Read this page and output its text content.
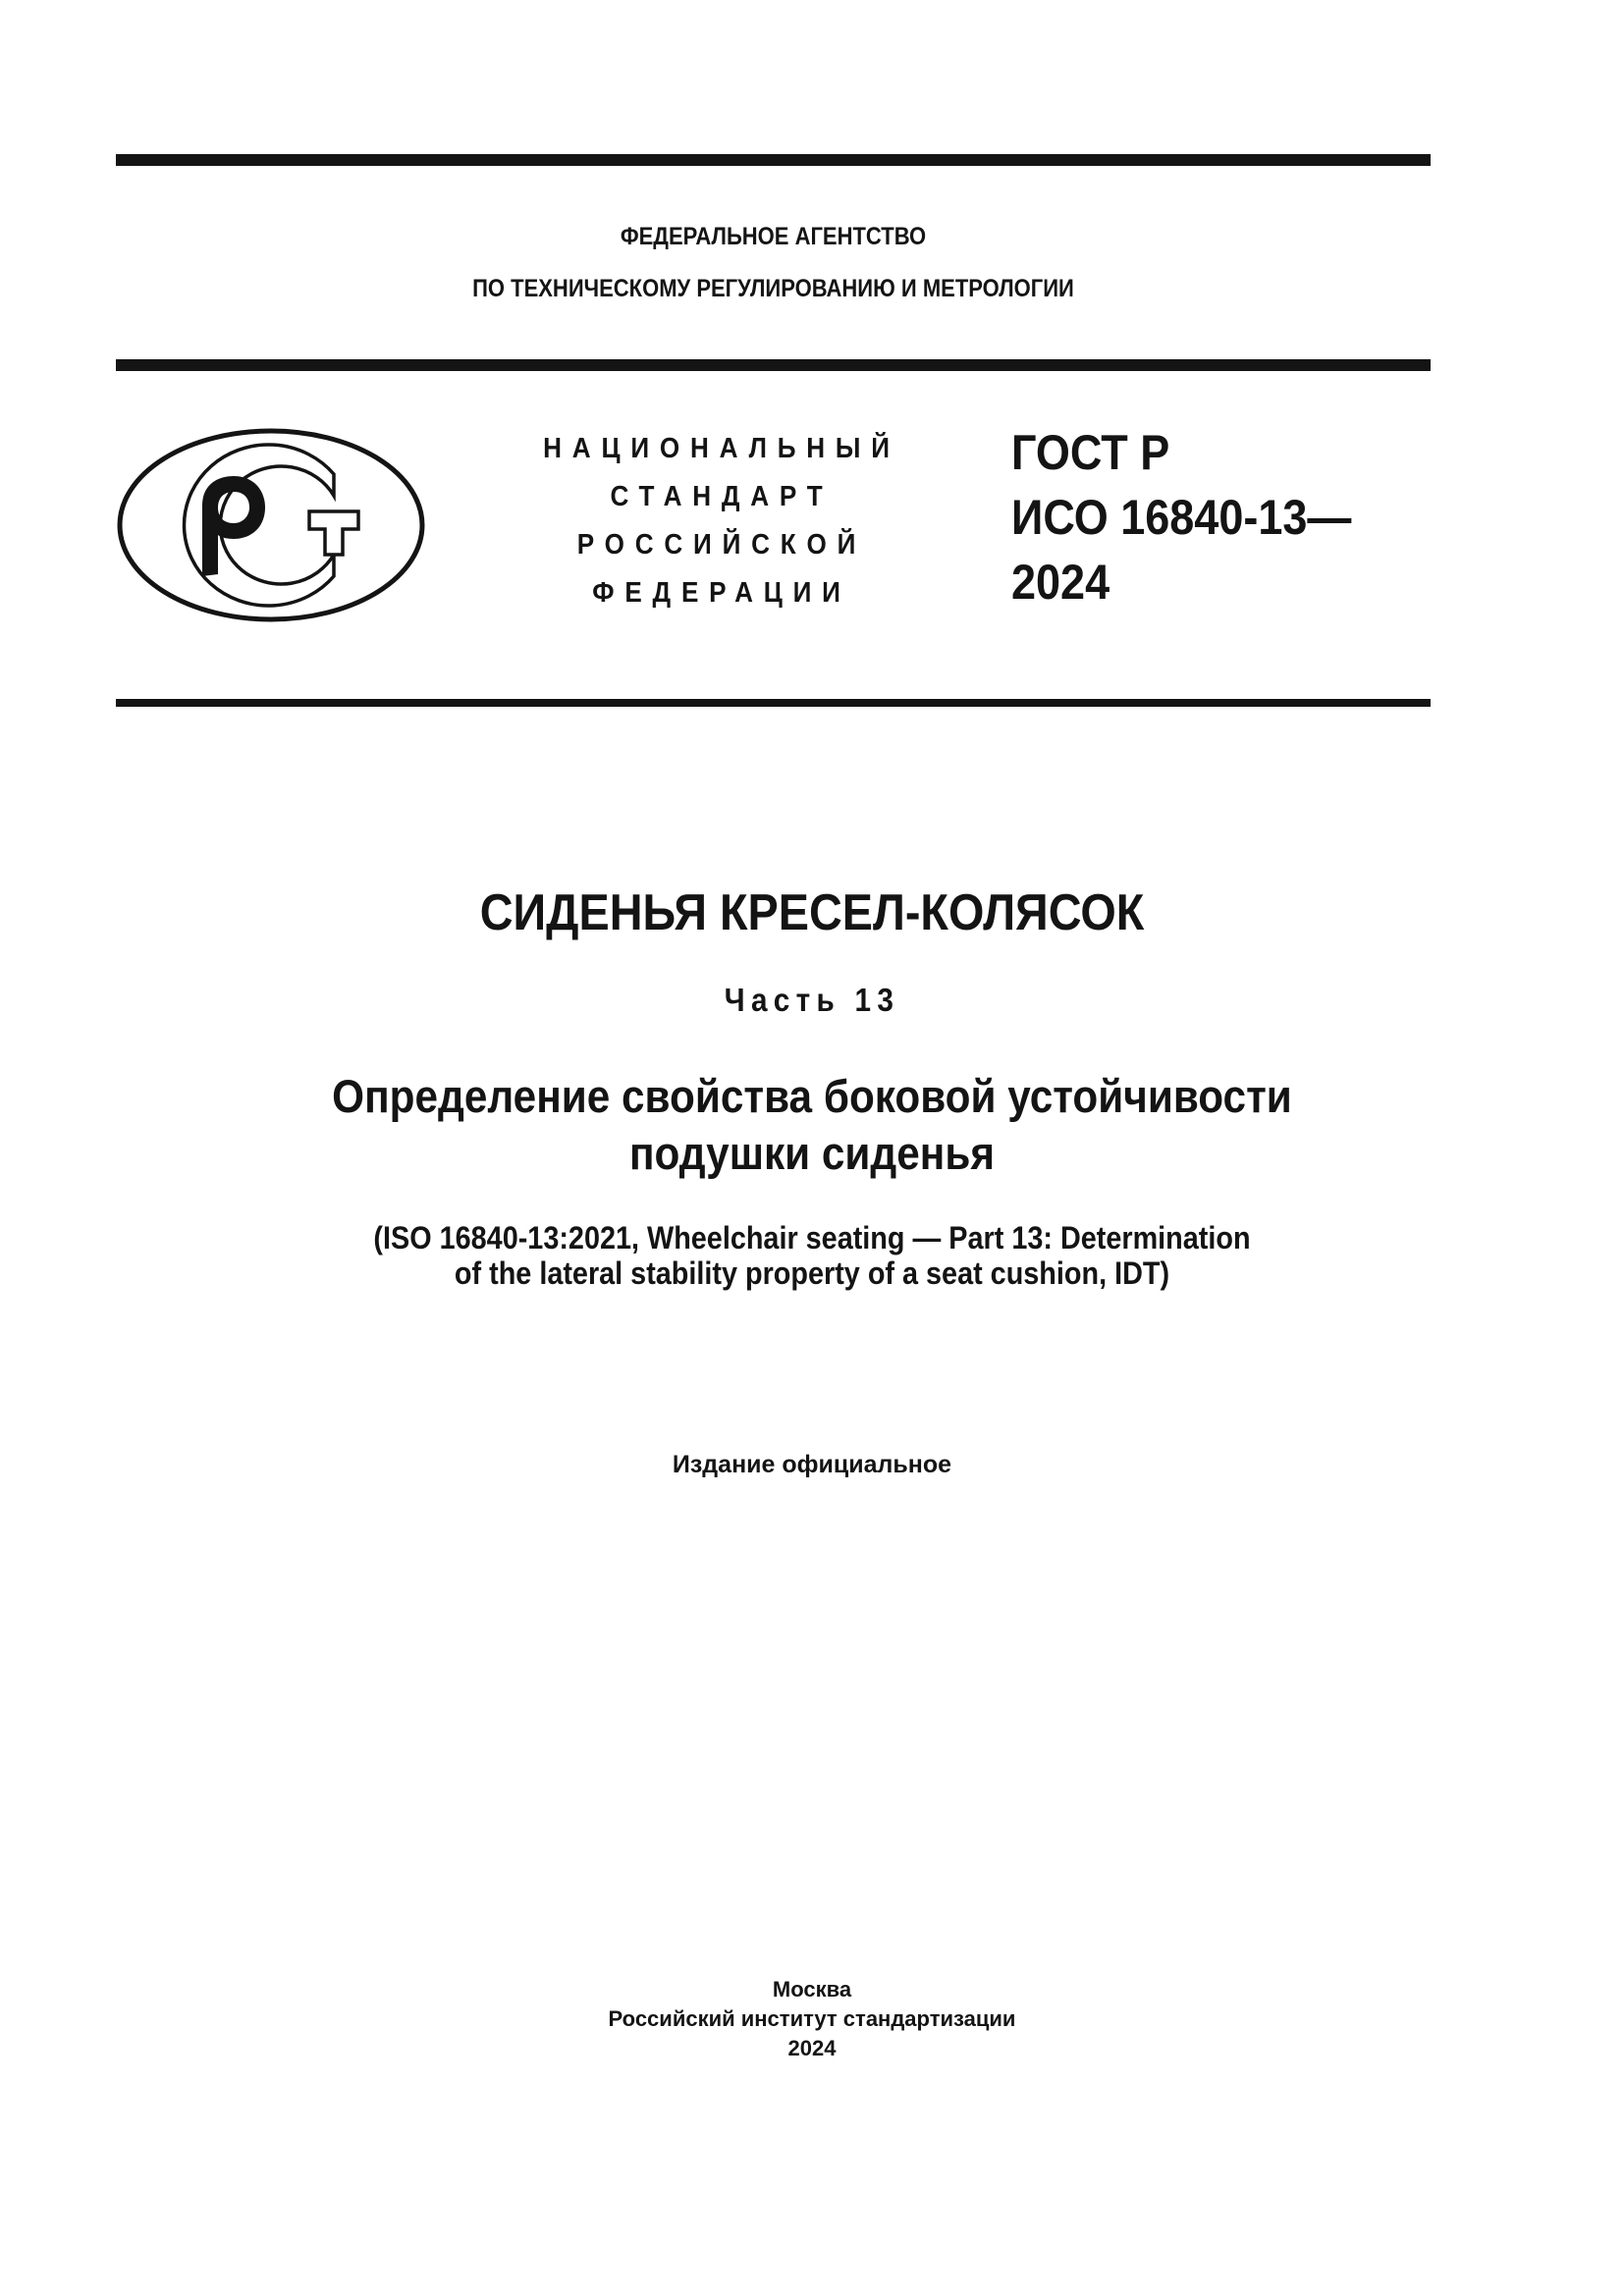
ФЕДЕРАЛЬНОЕ АГЕНТСТВО
ПО ТЕХНИЧЕСКОМУ РЕГУЛИРОВАНИЮ И МЕТРОЛОГИИ
НАЦИОНАЛЬНЫЙ
СТАНДАРТ
РОССИЙСКОЙ
ФЕДЕРАЦИИ
ГОСТ Р
ИСО 16840-13—
2024
СИДЕНЬЯ КРЕСЕЛ-КОЛЯСОК
Часть 13
Определение свойства боковой устойчивости
подушки сиденья
(ISO 16840-13:2021, Wheelchair seating — Part 13: Determination
of the lateral stability property of a seat cushion, IDT)
Издание официальное
Москва
Российский институт стандартизации
2024
